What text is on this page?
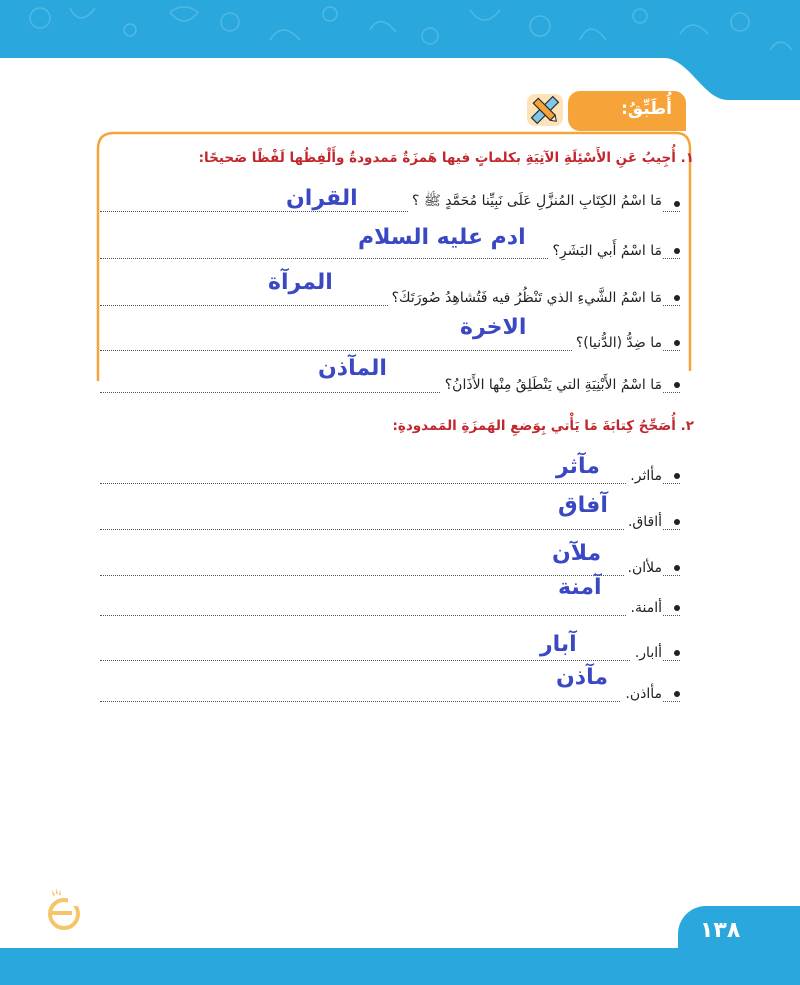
أُطَبِّقُ:
١. أُجِيبُ عَنِ الأَسْئِلَةِ الآتِيَةِ بكلماتٍ فيها هَمزَةٌ مَمدودةٌ وأَلْفِظُها لَفْظًا صَحيحًا:
مَا اسْمُ الكِتَابِ المُنزَّلِ عَلَى نَبِيِّنا مُحَمَّدٍ ﷺ ؟
القران
مَا اسْمُ أَبي البَشَرِ؟
ادم عليه السلام
مَا اسْمُ الشَّيءِ الذي تَنْظُرُ فيه فَتُشاهِدُ صُورَتَكَ؟
المرآة
ما ضِدُّ (الدُّنيا)؟
الاخرة
مَا اسْمُ الأَبْنِيَةِ التي يَنْطَلِقُ مِنْها الأَذَانُ؟
المآذن
٢. أُصَحِّحُ كِتابَةَ مَا يَأْتي بِوَضعِ الهَمزَةِ المَمدودةِ:
مأاثر.
مآثر
أاقاق.
آفاق
ملأان.
ملآن
أامنة.
آمنة
أابار.
آبار
مأاذن.
مآذن
١٣٨
